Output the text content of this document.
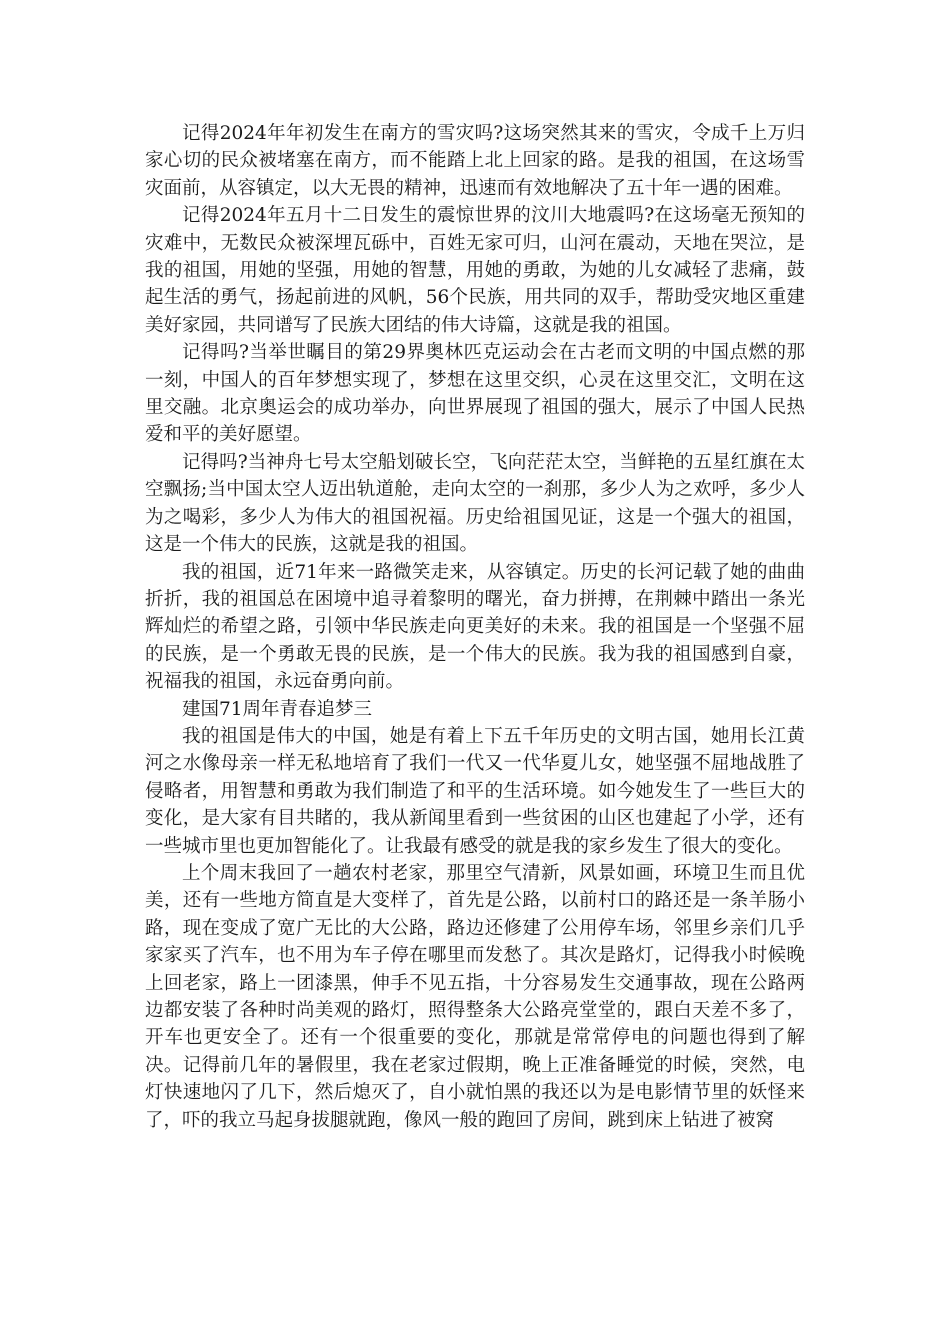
记得2024年年初发生在南方的雪灾吗?这场突然其来的雪灾，令成千上万归家心切的民众被堵塞在南方，而不能踏上北上回家的路。是我的祖国，在这场雪灾面前，从容镇定，以大无畏的精神，迅速而有效地解决了五十年一遇的困难。

记得2024年五月十二日发生的震惊世界的汶川大地震吗?在这场毫无预知的灾难中，无数民众被深埋瓦砾中，百姓无家可归，山河在震动，天地在哭泣，是我的祖国，用她的坚强，用她的智慧，用她的勇敢，为她的儿女减轻了悲痛，鼓起生活的勇气，扬起前进的风帆，56个民族，用共同的双手，帮助受灾地区重建美好家园，共同谱写了民族大团结的伟大诗篇，这就是我的祖国。

记得吗?当举世瞩目的第29界奥林匹克运动会在古老而文明的中国点燃的那一刻，中国人的百年梦想实现了，梦想在这里交织，心灵在这里交汇，文明在这里交融。北京奥运会的成功举办，向世界展现了祖国的强大，展示了中国人民热爱和平的美好愿望。

记得吗?当神舟七号太空船划破长空，飞向茫茫太空，当鲜艳的五星红旗在太空飘扬;当中国太空人迈出轨道舱，走向太空的一刹那，多少人为之欢呼，多少人为之喝彩，多少人为伟大的祖国祝福。历史给祖国见证，这是一个强大的祖国，这是一个伟大的民族，这就是我的祖国。

我的祖国，近71年来一路微笑走来，从容镇定。历史的长河记载了她的曲曲折折，我的祖国总在困境中追寻着黎明的曙光，奋力拼搏，在荆棘中踏出一条光辉灿烂的希望之路，引领中华民族走向更美好的未来。我的祖国是一个坚强不屈的民族，是一个勇敢无畏的民族，是一个伟大的民族。我为我的祖国感到自豪，祝福我的祖国，永远奋勇向前。

建国71周年青春追梦三

我的祖国是伟大的中国，她是有着上下五千年历史的文明古国，她用长江黄河之水像母亲一样无私地培育了我们一代又一代华夏儿女，她坚强不屈地战胜了侵略者，用智慧和勇敢为我们制造了和平的生活环境。如今她发生了一些巨大的变化，是大家有目共睹的，我从新闻里看到一些贫困的山区也建起了小学，还有一些城市里也更加智能化了。让我最有感受的就是我的家乡发生了很大的变化。

上个周末我回了一趟农村老家，那里空气清新，风景如画，环境卫生而且优美，还有一些地方简直是大变样了，首先是公路，以前村口的路还是一条羊肠小路，现在变成了宽广无比的大公路，路边还修建了公用停车场，邻里乡亲们几乎家家买了汽车，也不用为车子停在哪里而发愁了。其次是路灯，记得我小时候晚上回老家，路上一团漆黑，伸手不见五指，十分容易发生交通事故，现在公路两边都安装了各种时尚美观的路灯，照得整条大公路亮堂堂的，跟白天差不多了，开车也更安全了。还有一个很重要的变化，那就是常常停电的问题也得到了解决。记得前几年的暑假里，我在老家过假期，晚上正准备睡觉的时候，突然，电灯快速地闪了几下，然后熄灭了，自小就怕黑的我还以为是电影情节里的妖怪来了，吓的我立马起身拔腿就跑，像风一般的跑回了房间，跳到床上钻进了被窝
